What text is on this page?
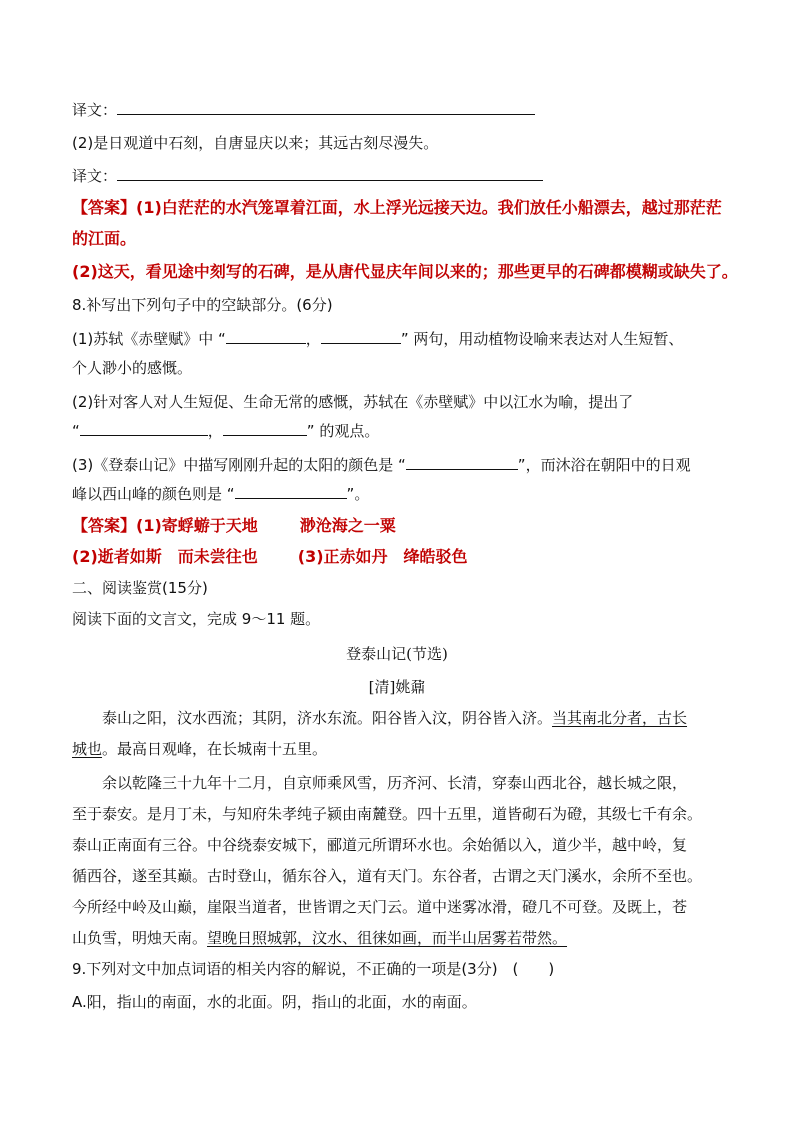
译文：
(2)是日观道中石刻，自唐显庆以来；其远古刻尽漫失。
译文：
【答案】(1)白茫茫的水汽笼罩着江面，水上浮光远接天边。我们放任小船漂去，越过那茫茫
的江面。
(2)这天，看见途中刻写的石碑，是从唐代显庆年间以来的；那些更早的石碑都模糊或缺失了。
8.补写出下列句子中的空缺部分。(6分)
(1)苏轼《赤壁赋》中 “	，	” 两句，用动植物设喻来表达对人生短暂、
个人渺小的感慨。
(2)针对客人对人生短促、生命无常的感慨，苏轼在《赤壁赋》中以江水为喻，提出了
“	，	” 的观点。
(3)《登泰山记》中描写刚刚升起的太阳的颜色是 “	”，而沐浴在朝阳中的日观
峰以西山峰的颜色则是 “	”。
【答案】(1)寄蜉蝣于天地	渺沧海之一粟
(2)逝者如斯　而未尝往也	(3)正赤如丹　绛皓驳色
二、阅读鉴赏(15分)
阅读下面的文言文，完成 9～11 题。
登泰山记(节选)
[清]姚鼐
泰山之阳，汶水西流；其阴，济水东流。阳谷皆入汶，阴谷皆入济。当其南北分者，古长
城也。最高日观峰，在长城南十五里。
余以乾隆三十九年十二月，自京师乘风雪，历齐河、长清，穿泰山西北谷，越长城之限，
至于泰安。是月丁未，与知府朱孝纯子颍由南麓登。四十五里，道皆砌石为磴，其级七千有余。
泰山正南面有三谷。中谷绕泰安城下，郦道元所谓环水也。余始循以入，道少半，越中岭，复
循西谷，遂至其巅。古时登山，循东谷入，道有天门。东谷者，古谓之天门溪水，余所不至也。
今所经中岭及山巅，崖限当道者，世皆谓之天门云。道中迷雾冰滑，磴几不可登。及既上，苍
山负雪，明烛天南。望晚日照城郭，汶水、徂徕如画，而半山居雾若带然。
9.下列对文中加点词语的相关内容的解说，不正确的一项是(3分)　(　　)
A.阳，指山的南面，水的北面。阴，指山的北面，水的南面。
